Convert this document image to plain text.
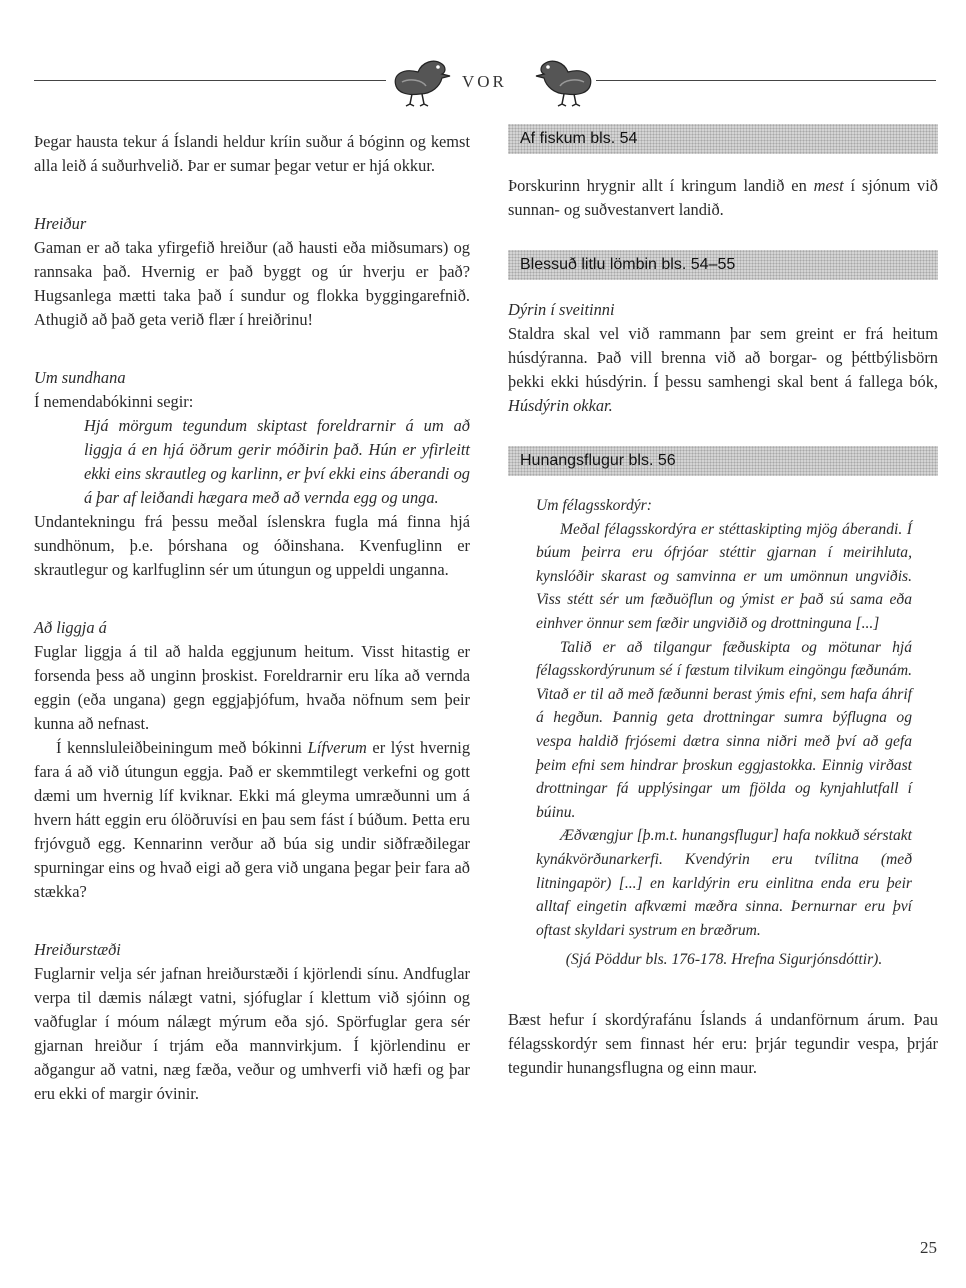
VOR

Þegar hausta tekur á Íslandi heldur kríin suður á bóginn og kemst alla leið á suðurhvelið. Þar er sumar þegar vetur er hjá okkur.

Hreiður

Gaman er að taka yfirgefið hreiður (að hausti eða miðsumars) og rannsaka það. Hvernig er það byggt og úr hverju er það? Hugsanlega mætti taka það í sundur og flokka byggingarefnið. Athugið að það geta verið flær í hreiðrinu!

Um sundhana

Í nemendabókinni segir:

Hjá mörgum tegundum skiptast foreldrarnir á um að liggja á en hjá öðrum gerir móðirin það. Hún er yfirleitt ekki eins skrautleg og karlinn, er því ekki eins áberandi og á þar af leiðandi hægara með að vernda egg og unga.

Undantekningu frá þessu meðal íslenskra fugla má finna hjá sundhönum, þ.e. þórshana og óðinshana. Kvenfuglinn er skrautlegur og karlfuglinn sér um útungun og uppeldi unganna.

Að liggja á

Fuglar liggja á til að halda eggjunum heitum. Visst hitastig er forsenda þess að unginn þroskist. Foreldrarnir eru líka að vernda eggin (eða ungana) gegn eggjaþjófum, hvaða nöfnum sem þeir kunna að nefnast.

Í kennsluleiðbeiningum með bókinni Lífverum er lýst hvernig fara á að við útungun eggja. Það er skemmtilegt verkefni og gott dæmi um hvernig líf kviknar. Ekki má gleyma umræðunni um á hvern hátt eggin eru ólöðruvísi en þau sem fást í búðum. Þetta eru frjóvguð egg. Kennarinn verður að búa sig undir siðfræðilegar spurningar eins og hvað eigi að gera við ungana þegar þeir fara að stækka?

Hreiðurstæði

Fuglarnir velja sér jafnan hreiðurstæði í kjörlendi sínu. Andfuglar verpa til dæmis nálægt vatni, sjófuglar í klettum við sjóinn og vaðfuglar í móum nálægt mýrum eða sjó. Spörfuglar gera sér gjarnan hreiður í trjám eða mannvirkjum. Í kjörlendinu er aðgangur að vatni, næg fæða, veður og umhverfi við hæfi og þar eru ekki of margir óvinir.

Af fiskum bls. 54

Þorskurinn hrygnir allt í kringum landið en mest í sjónum við sunnan- og suðvestanvert landið.

Blessuð litlu lömbin bls. 54–55

Dýrin í sveitinni

Staldra skal vel við rammann þar sem greint er frá heitum húsdýranna. Það vill brenna við að borgar- og þéttbýlisbörn þekki ekki húsdýrin. Í þessu samhengi skal bent á fallega bók, Húsdýrin okkar.

Hunangsflugur bls. 56

Um félagsskordýr:

Meðal félagsskordýra er stéttaskipting mjög áberandi. Í búum þeirra eru ófrjóar stéttir gjarnan í meirihluta, kynslóðir skarast og samvinna er um umönnun ungviðis. Viss stétt sér um fæðuöflun og ýmist er það sú sama eða einhver önnur sem fæðir ungviðið og drottninguna [...]

Talið er að tilgangur fæðuskipta og mötunar hjá félagsskordýrunum sé í fæstum tilvikum eingöngu fæðunám. Vitað er til að með fæðunni berast ýmis efni, sem hafa áhrif á hegðun. Þannig geta drottningar sumra býflugna og vespa haldið frjósemi dætra sinna niðri með því að gefa þeim efni sem hindrar þroskun eggjastokka. Einnig virðast drottningar fá upplýsingar um fjölda og kynjahlutfall í búinu.

Æðvængjur [þ.m.t. hunangsflugur] hafa nokkuð sérstakt kynákvörðunarkerfi. Kvendýrin eru tvílitna (með litningapör) [...] en karldýrin eru einlitna enda eru þeir alltaf eingetin afkvæmi mæðra sinna. Þernurnar eru því oftast skyldari systrum en bræðrum.

(Sjá Pöddur bls. 176-178. Hrefna Sigurjónsdóttir).

Bæst hefur í skordýrafánu Íslands á undanförnum árum. Þau félagsskordýr sem finnast hér eru: þrjár tegundir vespa, þrjár tegundir hunangsflugna og einn maur.

25
